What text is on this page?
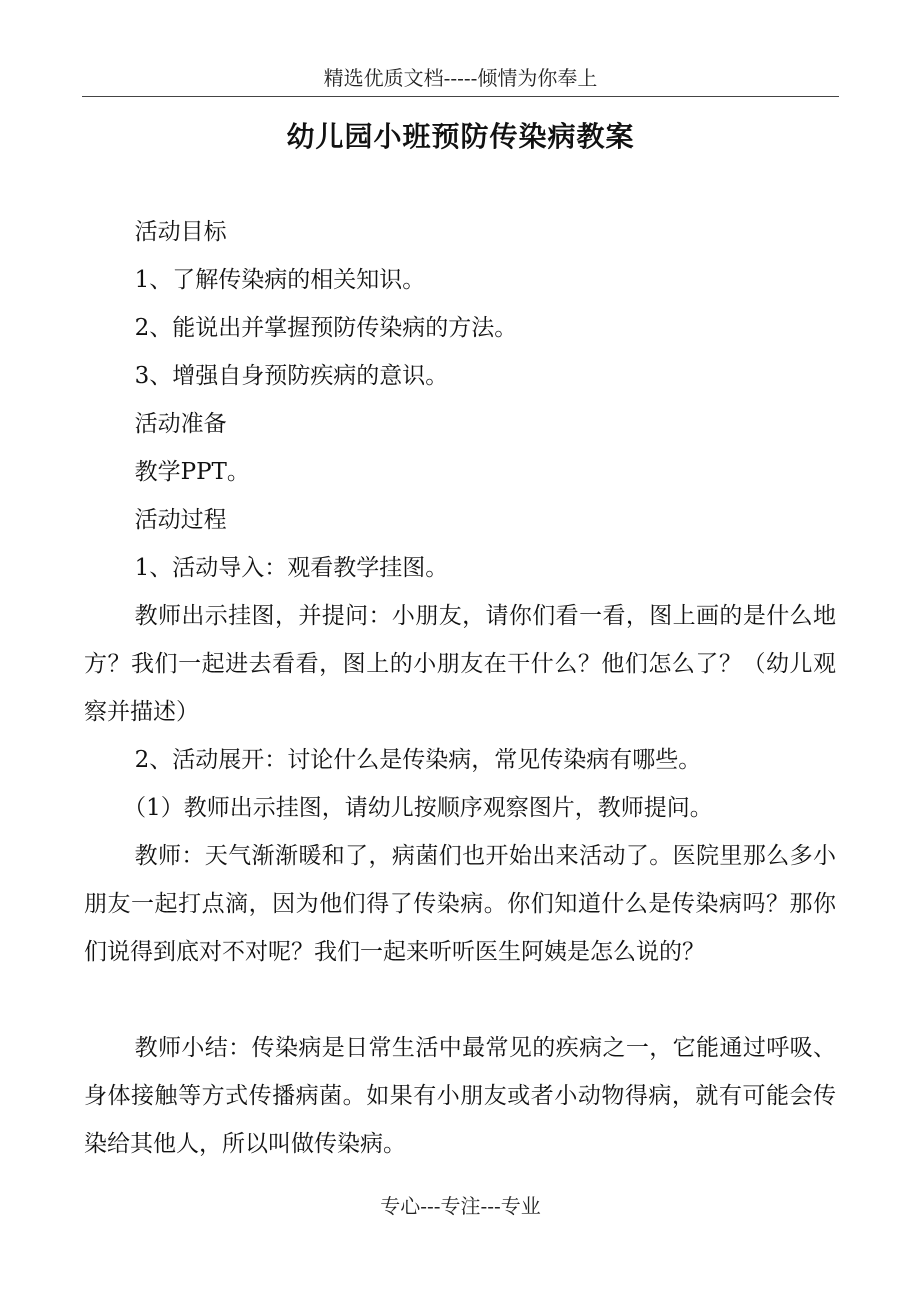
精选优质文档-----倾情为你奉上
幼儿园小班预防传染病教案

活动目标

1、了解传染病的相关知识。

2、能说出并掌握预防传染病的方法。

3、增强自身预防疾病的意识。

活动准备

教学PPT。

活动过程

1、活动导入：观看教学挂图。

教师出示挂图，并提问：小朋友，请你们看一看，图上画的是什么地方？我们一起进去看看，图上的小朋友在干什么？他们怎么了？（幼儿观察并描述）

2、活动展开：讨论什么是传染病，常见传染病有哪些。

（1）教师出示挂图，请幼儿按顺序观察图片，教师提问。

教师：天气渐渐暖和了，病菌们也开始出来活动了。医院里那么多小朋友一起打点滴，因为他们得了传染病。你们知道什么是传染病吗？那你们说得到底对不对呢？我们一起来听听医生阿姨是怎么说的？

教师小结：传染病是日常生活中最常见的疾病之一，它能通过呼吸、身体接触等方式传播病菌。如果有小朋友或者小动物得病，就有可能会传染给其他人，所以叫做传染病。

专心---专注---专业
